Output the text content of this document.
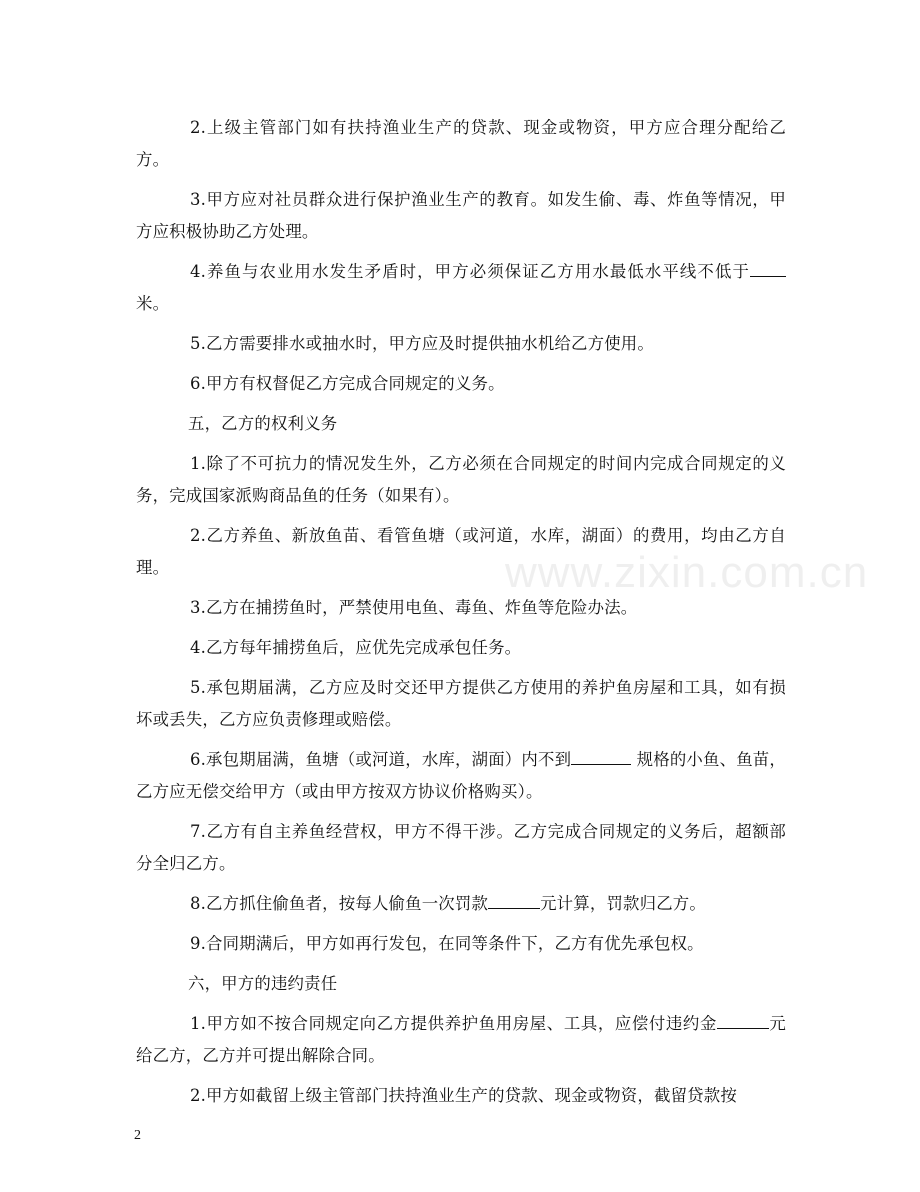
www.zixin.com.cn

2.上级主管部门如有扶持渔业生产的贷款、现金或物资，甲方应合理分配给乙方。

3.甲方应对社员群众进行保护渔业生产的教育。如发生偷、毒、炸鱼等情况，甲方应积极协助乙方处理。

4.养鱼与农业用水发生矛盾时，甲方必须保证乙方用水最低水平线不低于米。

5.乙方需要排水或抽水时，甲方应及时提供抽水机给乙方使用。

6.甲方有权督促乙方完成合同规定的义务。

五，乙方的权利义务

1.除了不可抗力的情况发生外，乙方必须在合同规定的时间内完成合同规定的义务，完成国家派购商品鱼的任务（如果有）。

2.乙方养鱼、新放鱼苗、看管鱼塘（或河道，水库，湖面）的费用，均由乙方自理。

3.乙方在捕捞鱼时，严禁使用电鱼、毒鱼、炸鱼等危险办法。

4.乙方每年捕捞鱼后，应优先完成承包任务。

5.承包期届满，乙方应及时交还甲方提供乙方使用的养护鱼房屋和工具，如有损坏或丢失，乙方应负责修理或赔偿。

6.承包期届满，鱼塘（或河道，水库，湖面）内不到	规格的小鱼、鱼苗，乙方应无偿交给甲方（或由甲方按双方协议价格购买）。

7.乙方有自主养鱼经营权，甲方不得干涉。乙方完成合同规定的义务后，超额部分全归乙方。

8.乙方抓住偷鱼者，按每人偷鱼一次罚款	元计算，罚款归乙方。

9.合同期满后，甲方如再行发包，在同等条件下，乙方有优先承包权。

六，甲方的违约责任

1.甲方如不按合同规定向乙方提供养护鱼用房屋、工具，应偿付违约金	元给乙方，乙方并可提出解除合同。

2.甲方如截留上级主管部门扶持渔业生产的贷款、现金或物资，截留贷款按

2
